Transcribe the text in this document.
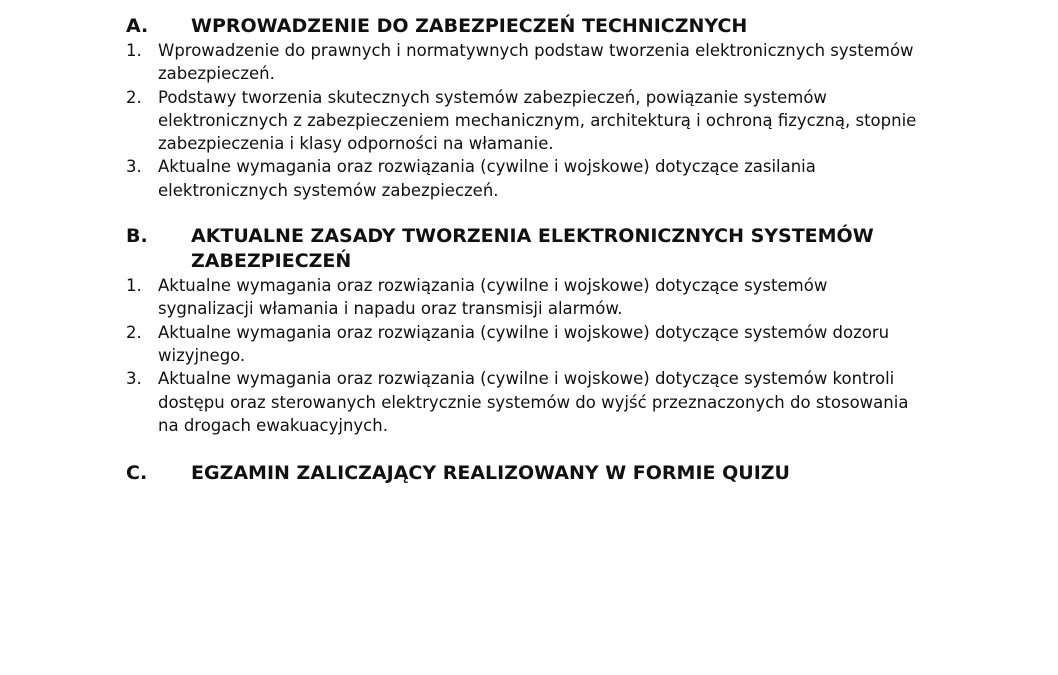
A.	WPROWADZENIE DO ZABEZPIECZEŃ TECHNICZNYCH
1. Wprowadzenie do prawnych i normatywnych podstaw tworzenia elektronicznych systemów zabezpieczeń.
2. Podstawy tworzenia skutecznych systemów zabezpieczeń, powiązanie systemów elektronicznych z zabezpieczeniem mechanicznym, architekturą i ochroną fizyczną, stopnie zabezpieczenia i klasy odporności na włamanie.
3. Aktualne wymagania oraz rozwiązania (cywilne i wojskowe) dotyczące zasilania elektronicznych systemów zabezpieczeń.
B.	AKTUALNE ZASADY TWORZENIA ELEKTRONICZNYCH SYSTEMÓW ZABEZPIECZEŃ
1. Aktualne wymagania oraz rozwiązania (cywilne i wojskowe) dotyczące systemów sygnalizacji włamania i napadu oraz transmisji alarmów.
2. Aktualne wymagania oraz rozwiązania (cywilne i wojskowe) dotyczące systemów dozoru wizyjnego.
3. Aktualne wymagania oraz rozwiązania (cywilne i wojskowe) dotyczące systemów kontroli dostępu oraz sterowanych elektrycznie systemów do wyjść przeznaczonych do stosowania na drogach ewakuacyjnych.
C.	EGZAMIN ZALICZAJĄCY REALIZOWANY W FORMIE QUIZU
